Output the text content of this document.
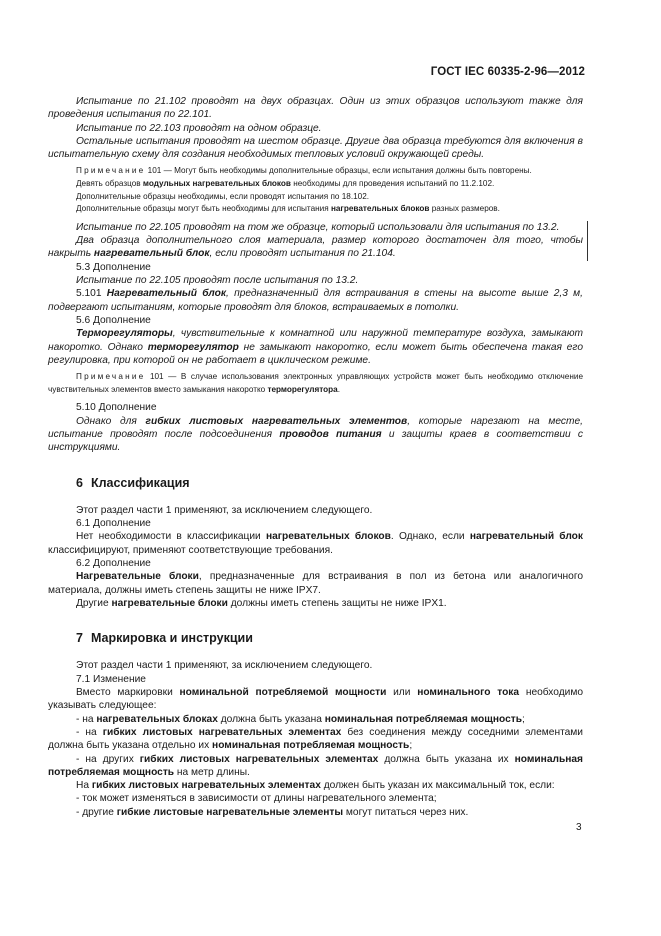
ГОСТ IEC 60335-2-96—2012

Испытание по 21.102 проводят на двух образцах. Один из этих образцов используют также для проведения испытания по 22.101.

Испытание по 22.103 проводят на одном образце.

Остальные испытания проводят на шестом образце. Другие два образца требуются для включения в испытательную схему для создания необходимых тепловых условий окружающей среды.

Примечание 101 — Могут быть необходимы дополнительные образцы, если испытания должны быть повторены.

Девять образцов модульных нагревательных блоков необходимы для проведения испытаний по 11.2.102.

Дополнительные образцы необходимы, если проводят испытания по 18.102.

Дополнительные образцы могут быть необходимы для испытания нагревательных блоков разных размеров.

Испытание по 22.105 проводят на том же образце, который использовали для испытания по 13.2.

Два образца дополнительного слоя материала, размер которого достаточен для того, чтобы накрыть нагревательный блок, если проводят испытания по 21.104.

5.3 Дополнение

Испытание по 22.105 проводят после испытания по 13.2.

5.101 Нагревательный блок, предназначенный для встраивания в стены на высоте выше 2,3 м, подвергают испытаниям, которые проводят для блоков, встраиваемых в потолки.

5.6 Дополнение

Терморегуляторы, чувствительные к комнатной или наружной температуре воздуха, замыкают накоротко. Однако терморегулятор не замыкают накоротко, если может быть обеспечена такая его регулировка, при которой он не работает в циклическом режиме.

Примечание 101 — В случае использования электронных управляющих устройств может быть необходимо отключение чувствительных элементов вместо замыкания накоротко терморегулятора.

5.10 Дополнение

Однако для гибких листовых нагревательных элементов, которые нарезают на месте, испытание проводят после подсоединения проводов питания и защиты краев в соответствии с инструкциями.

6 Классификация

Этот раздел части 1 применяют, за исключением следующего.

6.1 Дополнение

Нет необходимости в классификации нагревательных блоков. Однако, если нагревательный блок классифицируют, применяют соответствующие требования.

6.2 Дополнение

Нагревательные блоки, предназначенные для встраивания в пол из бетона или аналогичного материала, должны иметь степень защиты не ниже IPX7.

Другие нагревательные блоки должны иметь степень защиты не ниже IPX1.

7 Маркировка и инструкции

Этот раздел части 1 применяют, за исключением следующего.

7.1 Изменение

Вместо маркировки номинальной потребляемой мощности или номинального тока необходимо указывать следующее:

- на нагревательных блоках должна быть указана номинальная потребляемая мощность;

- на гибких листовых нагревательных элементах без соединения между соседними элементами должна быть указана отдельно их номинальная потребляемая мощность;

- на других гибких листовых нагревательных элементах должна быть указана их номинальная потребляемая мощность на метр длины.

На гибких листовых нагревательных элементах должен быть указан их максимальный ток, если:

- ток может изменяться в зависимости от длины нагревательного элемента;

- другие гибкие листовые нагревательные элементы могут питаться через них.

3
